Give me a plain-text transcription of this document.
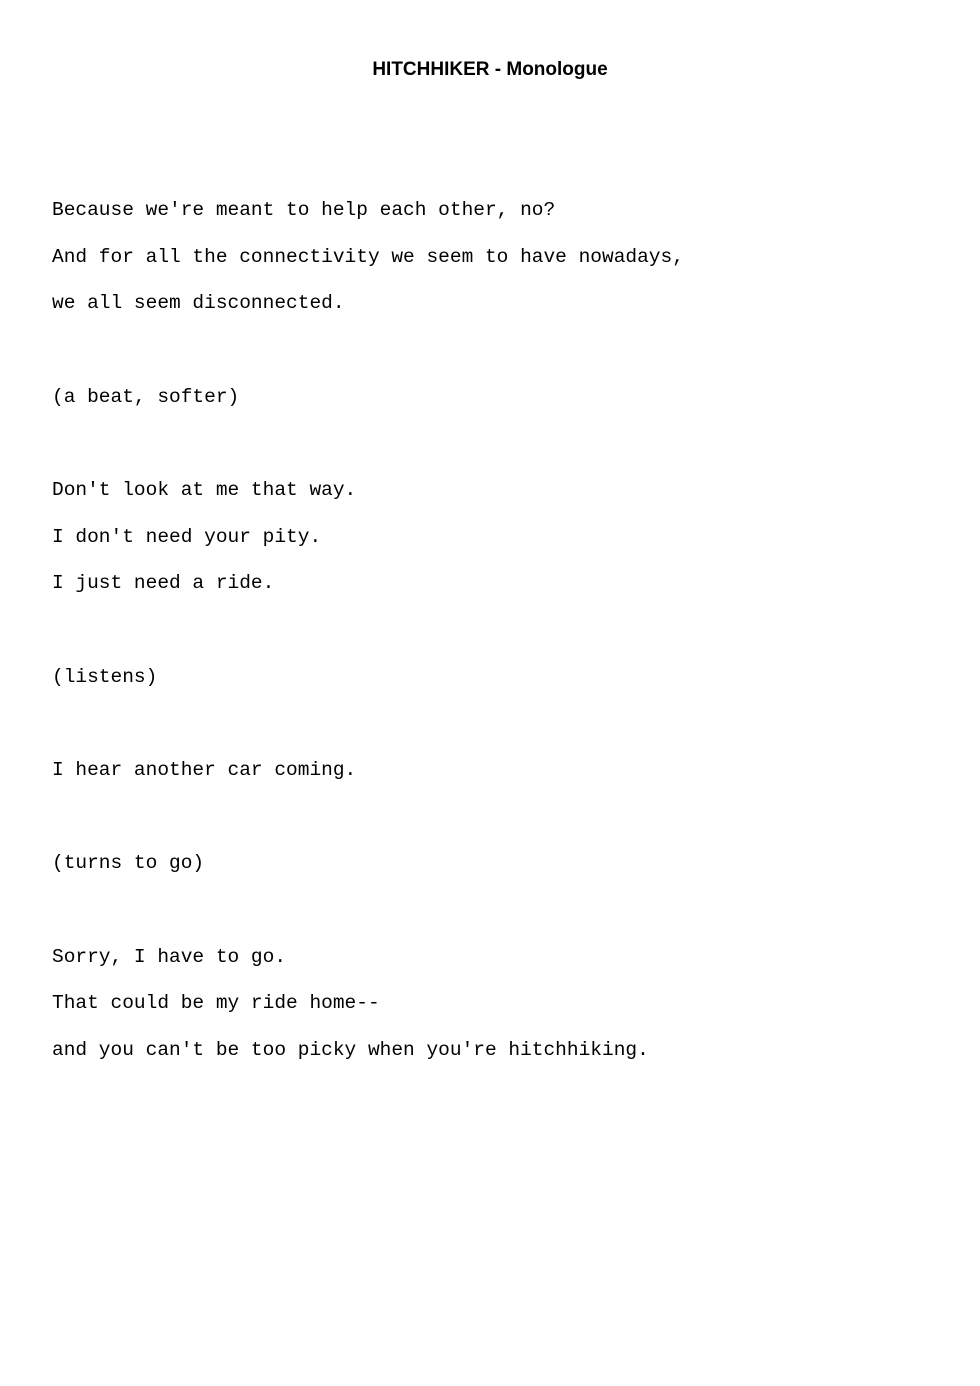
HITCHHIKER - Monologue
Because we're meant to help each other, no?
And for all the connectivity we seem to have nowadays,
we all seem disconnected.
(a beat, softer)
Don't look at me that way.
I don't need your pity.
I just need a ride.
(listens)
I hear another car coming.
(turns to go)
Sorry, I have to go.
That could be my ride home--
and you can't be too picky when you're hitchhiking.
